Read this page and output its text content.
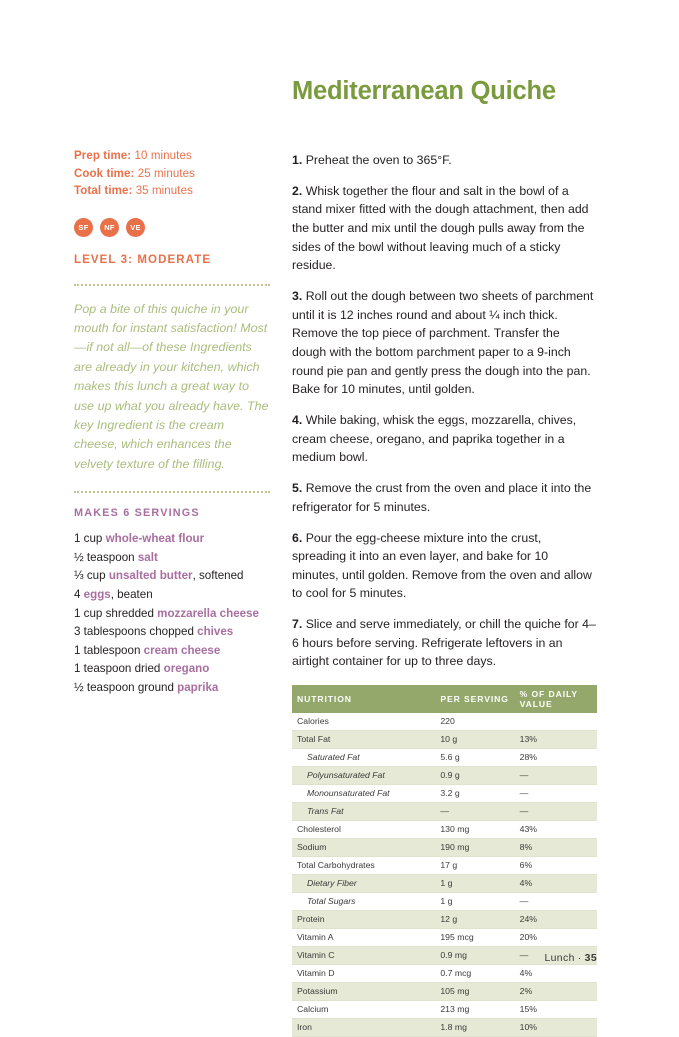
Prep time: 10 minutes
Cook time: 25 minutes
Total time: 35 minutes
SF	NF	VE
LEVEL 3: MODERATE
Pop a bite of this quiche in your mouth for instant satisfaction! Most—if not all—of these Ingredients are already in your kitchen, which makes this lunch a great way to use up what you already have. The key Ingredient is the cream cheese, which enhances the velvety texture of the filling.
MAKES 6 SERVINGS
1 cup whole-wheat flour
½ teaspoon salt
⅓ cup unsalted butter, softened
4 eggs, beaten
1 cup shredded mozzarella cheese
3 tablespoons chopped chives
1 tablespoon cream cheese
1 teaspoon dried oregano
½ teaspoon ground paprika
Mediterranean Quiche

1. Preheat the oven to 365°F.

2. Whisk together the flour and salt in the bowl of a stand mixer fitted with the dough attachment, then add the butter and mix until the dough pulls away from the sides of the bowl without leaving much of a sticky residue.

3. Roll out the dough between two sheets of parchment until it is 12 inches round and about ¼ inch thick. Remove the top piece of parchment. Transfer the dough with the bottom parchment paper to a 9-inch round pie pan and gently press the dough into the pan. Bake for 10 minutes, until golden.

4. While baking, whisk the eggs, mozzarella, chives, cream cheese, oregano, and paprika together in a medium bowl.

5. Remove the crust from the oven and place it into the refrigerator for 5 minutes.

6. Pour the egg-cheese mixture into the crust, spreading it into an even layer, and bake for 10 minutes, until golden. Remove from the oven and allow to cool for 5 minutes.

7. Slice and serve immediately, or chill the quiche for 4–6 hours before serving. Refrigerate leftovers in an airtight container for up to three days.

NUTRITION	PER SERVING	% OF DAILY VALUE
Calories	220	
Total Fat	10 g	13%
Saturated Fat	5.6 g	28%
Polyunsaturated Fat	0.9 g	—
Monounsaturated Fat	3.2 g	—
Trans Fat	—	—
Cholesterol	130 mg	43%
Sodium	190 mg	8%
Total Carbohydrates	17 g	6%
Dietary Fiber	1 g	4%
Total Sugars	1 g	—
Protein	12 g	24%
Vitamin A	195 mcg	20%
Vitamin C	0.9 mg	—
Vitamin D	0.7 mcg	4%
Potassium	105 mg	2%
Calcium	213 mg	15%
Iron	1.8 mg	10%
Lunch · 35
